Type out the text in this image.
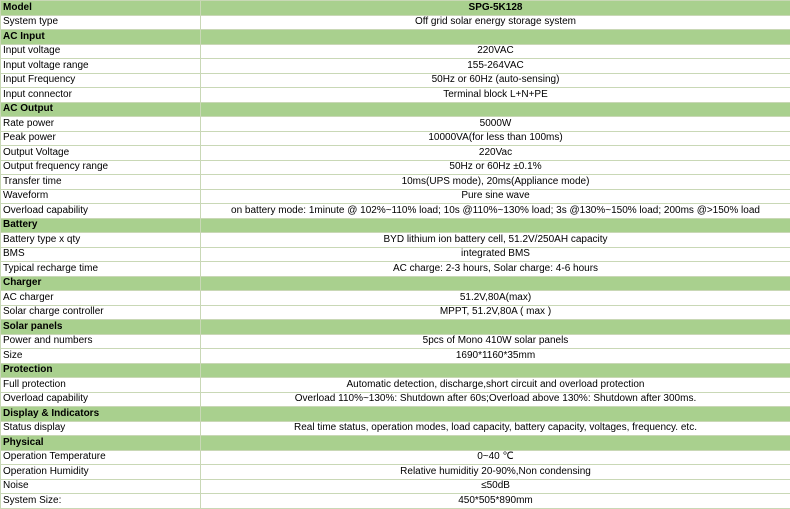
Model	SPG-5K128
System type	Off grid solar energy storage system
AC Input	
Input voltage	220VAC
Input voltage range	155-264VAC
Input Frequency	50Hz or 60Hz (auto-sensing)
Input connector	Terminal block L+N+PE
AC Output	
Rate power	5000W
Peak power	10000VA(for less than 100ms)
Output Voltage	220Vac
Output frequency range	50Hz or 60Hz ±0.1%
Transfer time	10ms(UPS mode), 20ms(Appliance mode)
Waveform	Pure sine wave
Overload capability	on battery mode: 1minute @ 102%~110% load; 10s @110%~130% load; 3s @130%~150% load; 200ms @>150% load
Battery	
Battery type x qty	BYD lithium ion battery cell, 51.2V/250AH capacity
BMS	integrated BMS
Typical recharge time	AC charge: 2-3 hours, Solar charge: 4-6 hours
Charger	
AC charger	51.2V,80A(max)
Solar charge controller	MPPT, 51.2V,80A ( max )
Solar panels	
Power and numbers	5pcs of Mono 410W solar panels
Size	1690*1160*35mm
Protection	
Full protection	Automatic detection, discharge,short circuit and overload protection
Overload capability	Overload 110%~130%: Shutdown after 60s;Overload above 130%: Shutdown after 300ms.
Display & Indicators	
Status display	Real time status, operation modes, load capacity, battery capacity, voltages, frequency. etc.
Physical	
Operation Temperature	0~40 ℃
Operation Humidity	Relative humiditiy 20-90%,Non condensing
Noise	≤50dB
System Size:	450*505*890mm
